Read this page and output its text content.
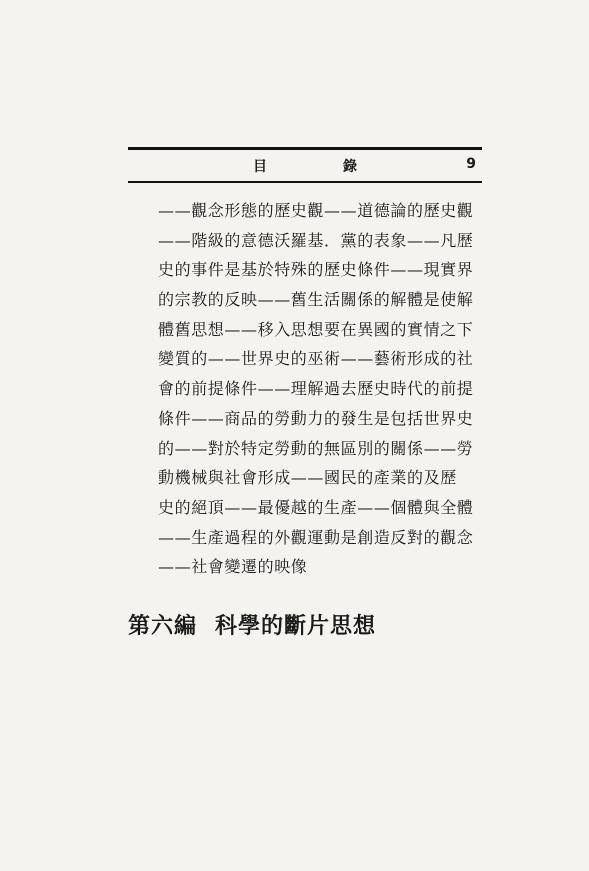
目	錄	9
——觀念形態的歷史觀——道德論的歷史觀
——階級的意德沃羅基．黨的表象——凡歷
史的事件是基於特殊的歷史條件——現實界
的宗教的反映——舊生活關係的解體是使解
體舊思想——移入思想要在異國的實情之下
變質的——世界史的巫術——藝術形成的社
會的前提條件——理解過去歷史時代的前提
條件——商品的勞動力的發生是包括世界史
的——對於特定勞動的無區別的關係——勞
動機械與社會形成——國民的產業的及歷
史的絕頂——最優越的生產——個體與全體
——生產過程的外觀運動是創造反對的觀念
——社會變遷的映像
第六編 科學的斷片思想
